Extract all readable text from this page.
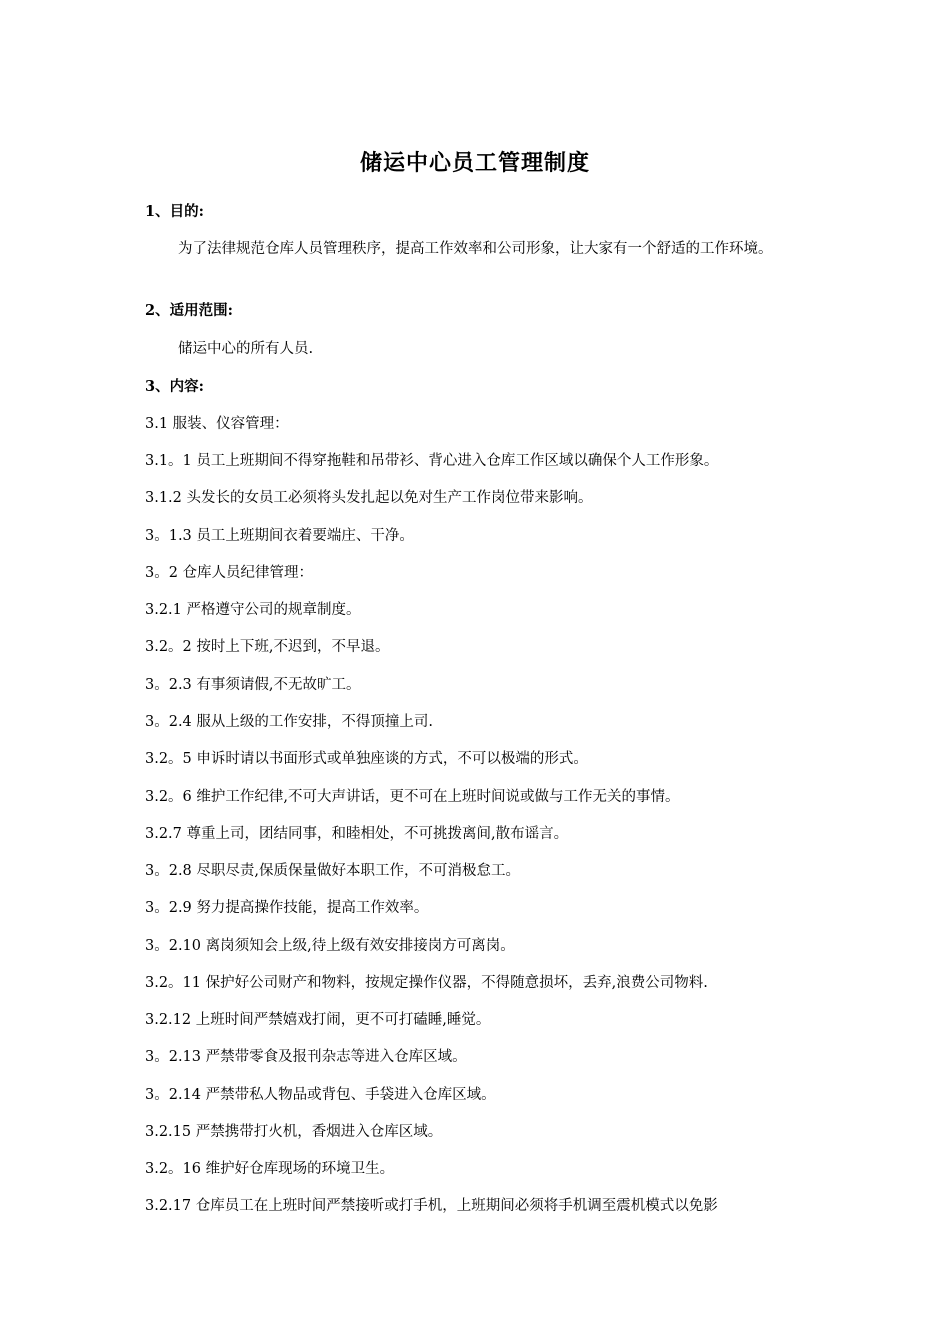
储运中心员工管理制度
1、目的:
为了法律规范仓库人员管理秩序，提高工作效率和公司形象，让大家有一个舒适的工作环境。
2、适用范围:
储运中心的所有人员.
3、内容:
3.1 服装、仪容管理：
3.1。1 员工上班期间不得穿拖鞋和吊带衫、背心进入仓库工作区域以确保个人工作形象。
3.1.2 头发长的女员工必须将头发扎起以免对生产工作岗位带来影响。
3。1.3 员工上班期间衣着要端庄、干净。
3。2 仓库人员纪律管理：
3.2.1 严格遵守公司的规章制度。
3.2。2 按时上下班,不迟到，不早退。
3。2.3 有事须请假,不无故旷工。
3。2.4 服从上级的工作安排，不得顶撞上司.
3.2。5 申诉时请以书面形式或单独座谈的方式，不可以极端的形式。
3.2。6 维护工作纪律,不可大声讲话，更不可在上班时间说或做与工作无关的事情。
3.2.7 尊重上司，团结同事，和睦相处，不可挑拨离间,散布谣言。
3。2.8 尽职尽责,保质保量做好本职工作，不可消极怠工。
3。2.9 努力提高操作技能，提高工作效率。
3。2.10 离岗须知会上级,待上级有效安排接岗方可离岗。
3.2。11 保护好公司财产和物料，按规定操作仪器，不得随意损坏，丢弃,浪费公司物料.
3.2.12 上班时间严禁嬉戏打闹，更不可打磕睡,睡觉。
3。2.13 严禁带零食及报刊杂志等进入仓库区域。
3。2.14 严禁带私人物品或背包、手袋进入仓库区域。
3.2.15 严禁携带打火机，香烟进入仓库区域。
3.2。16 维护好仓库现场的环境卫生。
3.2.17 仓库员工在上班时间严禁接听或打手机，上班期间必须将手机调至震机模式以免影
